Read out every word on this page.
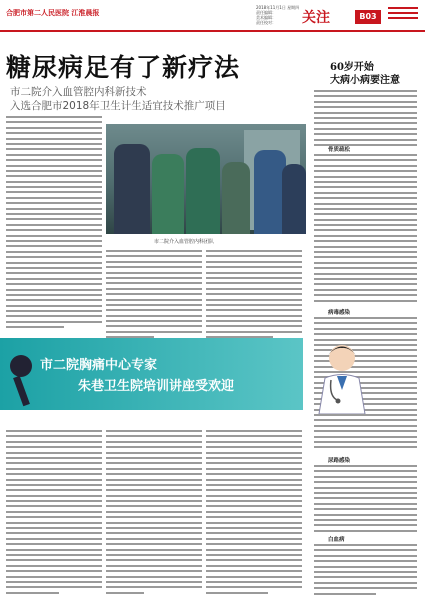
合肥市第二人民医院 江淮晨报
2018年11月1日 星期四
责任编辑：
美术编辑：
责任校对：	关注	B03
糖尿病足有了新疗法
市二院介入血管腔内科新技术
入选合肥市2018年卫生计生适宜技术推广项目
市二院介入血管腔内科团队
60岁开始
大病小病要注意
骨质疏松
病毒感染
尿路感染
白血病
市二院胸痛中心专家
朱巷卫生院培训讲座受欢迎
